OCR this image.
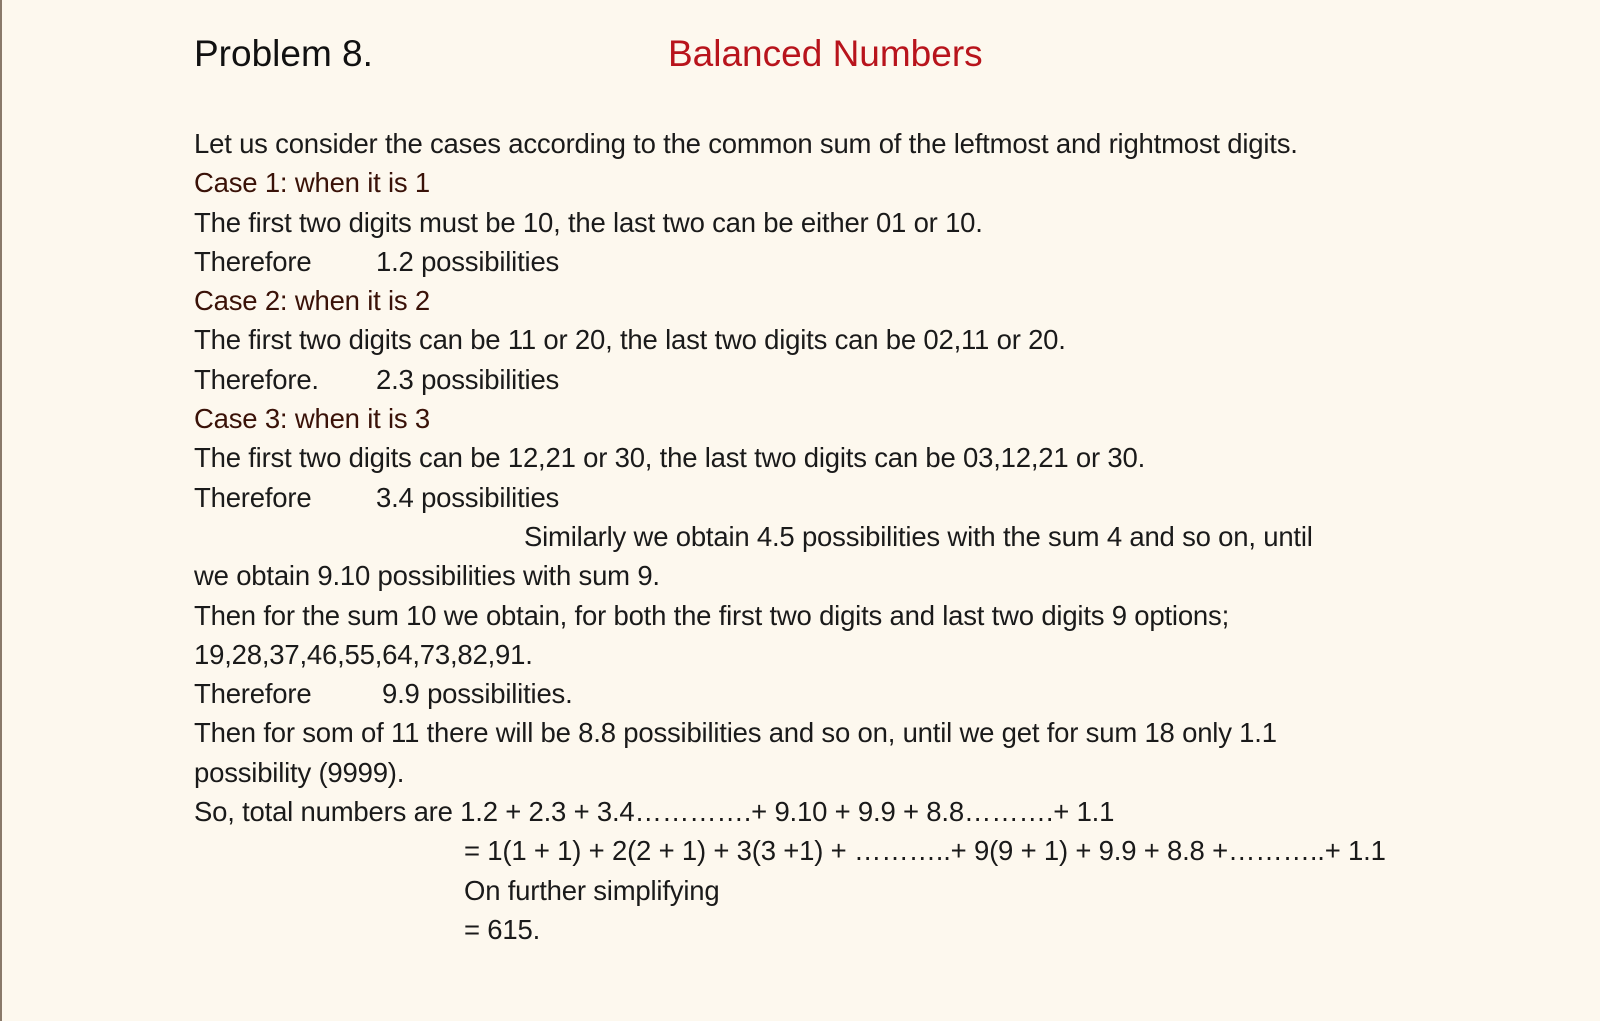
Problem 8.	Balanced Numbers
Let us consider the cases according to the common sum of the leftmost and rightmost digits.
Case 1: when it is 1
The first two digits must be 10, the last two can be either 01 or 10.
Therefore 1.2 possibilities
Case 2: when it is 2
The first two digits can be 11 or 20, the last two digits can be 02,11 or 20.
Therefore. 2.3 possibilities
Case 3: when it is 3
The first two digits can be 12,21 or 30, the last two digits can be 03,12,21 or 30.
Therefore 3.4 possibilities
Similarly we obtain 4.5 possibilities with the sum 4 and so on, until
we obtain 9.10 possibilities with sum 9.
Then for the sum 10 we obtain, for both the first two digits and last two digits 9 options;
19,28,37,46,55,64,73,82,91.
Therefore	9.9 possibilities.
Then for som of 11 there will be 8.8 possibilities and so on, until we get for sum 18 only 1.1
possibility (9999).
So, total numbers are 1.2 + 2.3 + 3.4………….+ 9.10 + 9.9 + 8.8……….+ 1.1
= 1(1 + 1) + 2(2 + 1) + 3(3 +1) + ………..+ 9(9 + 1) + 9.9 + 8.8 +………..+ 1.1
On further simplifying
= 615.
